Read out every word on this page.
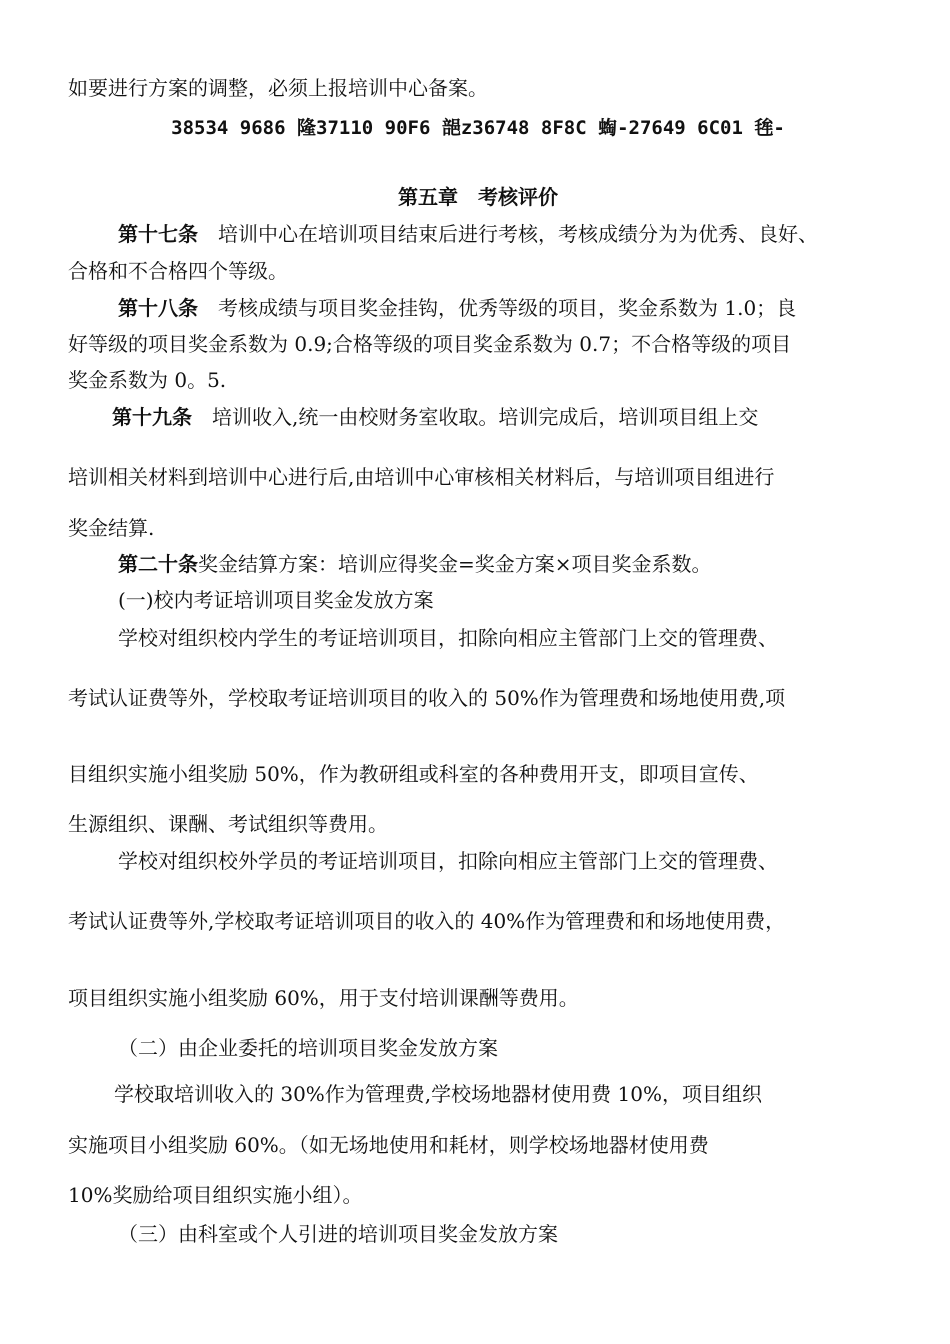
如要进行方案的调整，必须上报培训中心备案。

38534 9686 隆37110 90F6 郶z36748 8F8C 蜪-27649 6C01 毪-

第五章　考核评价

第十七条　培训中心在培训项目结束后进行考核，考核成绩分为为优秀、良好、

合格和不合格四个等级。

第十八条　考核成绩与项目奖金挂钩，优秀等级的项目，奖金系数为 1.0；良

好等级的项目奖金系数为 0.9;合格等级的项目奖金系数为 0.7；不合格等级的项目

奖金系数为 0。5.

第十九条　培训收入,统一由校财务室收取。培训完成后，培训项目组上交

培训相关材料到培训中心进行后,由培训中心审核相关材料后，与培训项目组进行

奖金结算.

第二十条奖金结算方案：培训应得奖金=奖金方案×项目奖金系数。

(一)校内考证培训项目奖金发放方案

学校对组织校内学生的考证培训项目，扣除向相应主管部门上交的管理费、

考试认证费等外，学校取考证培训项目的收入的 50%作为管理费和场地使用费,项

目组织实施小组奖励 50%，作为教研组或科室的各种费用开支，即项目宣传、

生源组织、课酬、考试组织等费用。

学校对组织校外学员的考证培训项目，扣除向相应主管部门上交的管理费、

考试认证费等外,学校取考证培训项目的收入的 40%作为管理费和和场地使用费，

项目组织实施小组奖励 60%，用于支付培训课酬等费用。

（二）由企业委托的培训项目奖金发放方案

学校取培训收入的 30%作为管理费,学校场地器材使用费 10%，项目组织

实施项目小组奖励 60%。（如无场地使用和耗材，则学校场地器材使用费

10%奖励给项目组织实施小组）。

（三）由科室或个人引进的培训项目奖金发放方案
